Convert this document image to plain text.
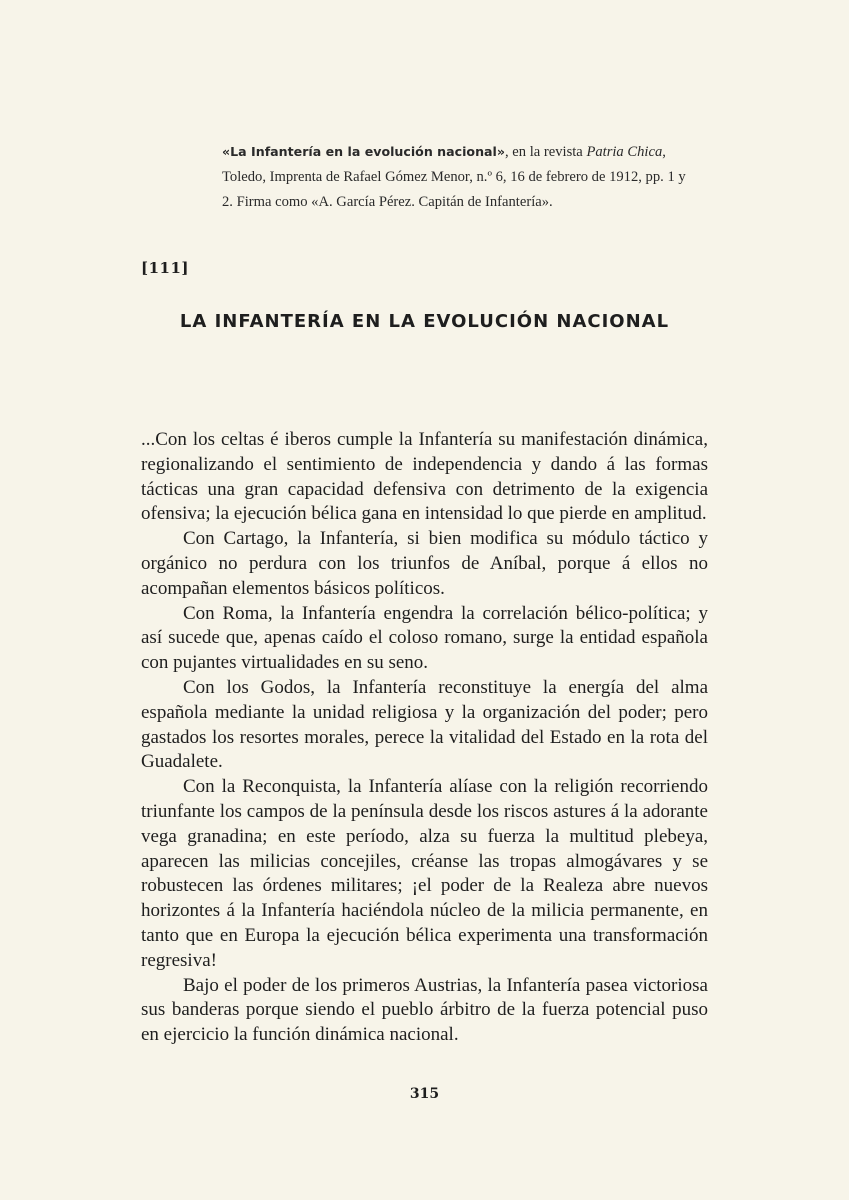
«La Infantería en la evolución nacional», en la revista Patria Chica, Toledo, Imprenta de Rafael Gómez Menor, n.º 6, 16 de febrero de 1912, pp. 1 y 2. Firma como «A. García Pérez. Capitán de Infantería».
[111]
LA INFANTERÍA EN LA EVOLUCIÓN NACIONAL

...Con los celtas é iberos cumple la Infantería su manifestación dinámica, regionalizando el sentimiento de independencia y dando á las formas tácticas una gran capacidad defensiva con detrimento de la exigencia ofensiva; la ejecución bélica gana en intensidad lo que pierde en amplitud.

Con Cartago, la Infantería, si bien modifica su módulo táctico y orgánico no perdura con los triunfos de Aníbal, porque á ellos no acompañan elementos básicos políticos.

Con Roma, la Infantería engendra la correlación bélico-política; y así sucede que, apenas caído el coloso romano, surge la entidad española con pujantes virtualidades en su seno.

Con los Godos, la Infantería reconstituye la energía del alma española mediante la unidad religiosa y la organización del poder; pero gastados los resortes morales, perece la vitalidad del Estado en la rota del Guadalete.

Con la Reconquista, la Infantería alíase con la religión recorriendo triunfante los campos de la península desde los riscos astures á la adorante vega granadina; en este período, alza su fuerza la multitud plebeya, aparecen las milicias concejiles, créanse las tropas almogávares y se robustecen las órdenes militares; ¡el poder de la Realeza abre nuevos horizontes á la Infantería haciéndola núcleo de la milicia permanente, en tanto que en Europa la ejecución bélica experimenta una transformación regresiva!

Bajo el poder de los primeros Austrias, la Infantería pasea victoriosa sus banderas porque siendo el pueblo árbitro de la fuerza potencial puso en ejercicio la función dinámica nacional.

315
